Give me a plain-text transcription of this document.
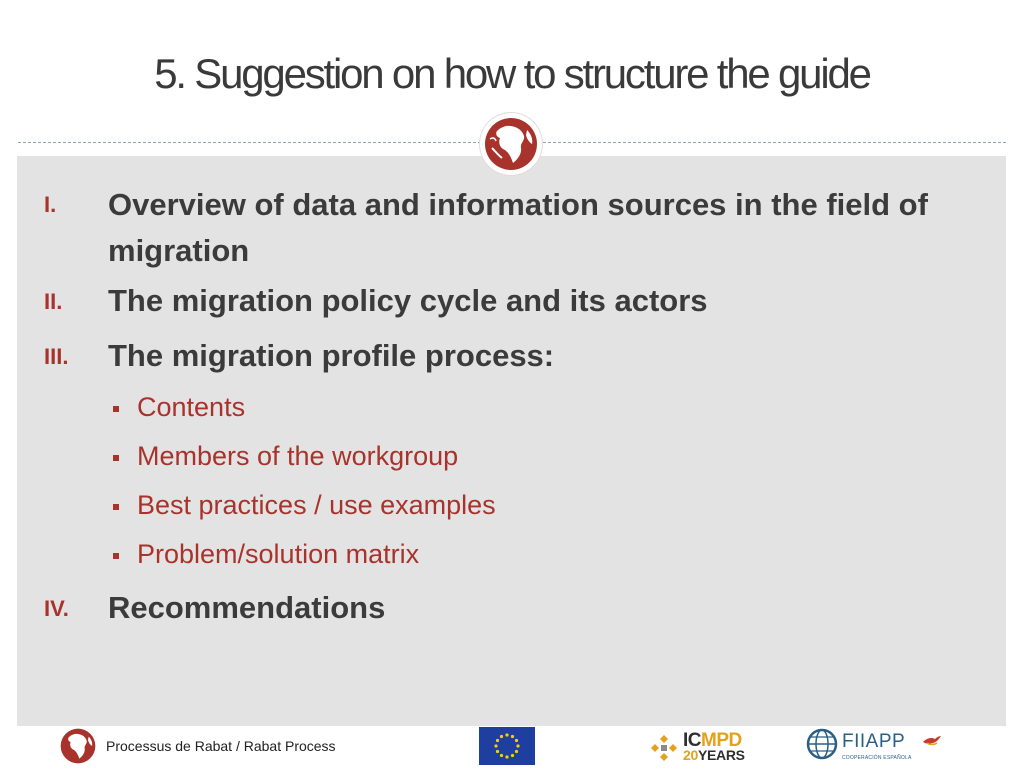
5. Suggestion on how to structure the guide
I. Overview of data and information sources in the field of migration
II. The migration policy cycle and its actors
III. The migration profile process:
Contents
Members of the workgroup
Best practices / use examples
Problem/solution matrix
IV. Recommendations
Processus de Rabat / Rabat Process	ICMPD
20YEARS
FIIAPP
COOPERACIÓN ESPAÑOLA
